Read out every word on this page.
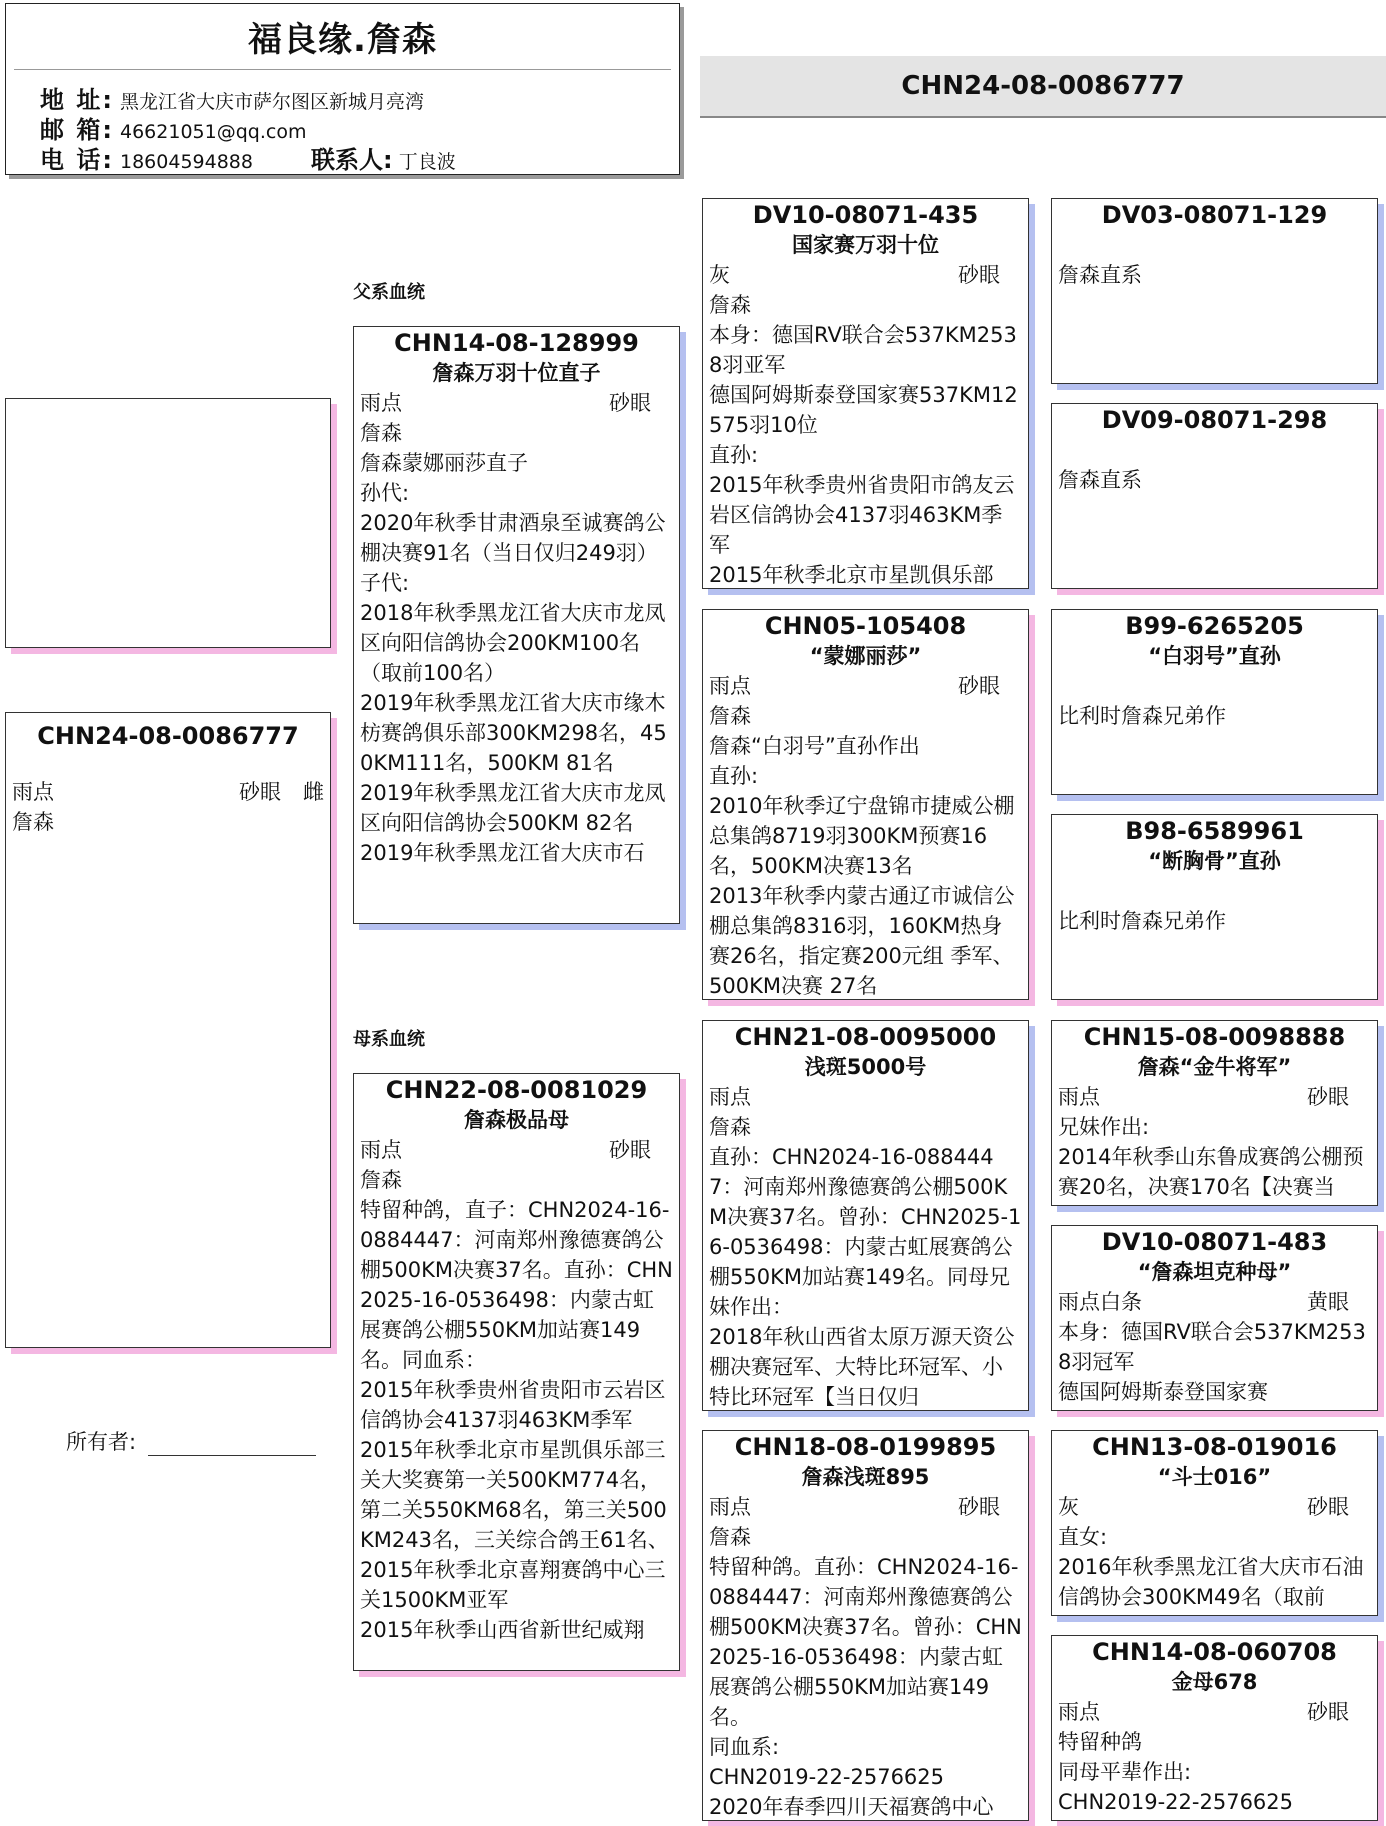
福良缘.詹森
地 址: 黑龙江省大庆市萨尔图区新城月亮湾
邮 箱: 46621051@qq.com
电 话: 18604594888 联系人: 丁良波
CHN24-08-0086777
CHN24-08-0086777
雨点	砂眼 雌
詹森
所有者:
父系血统
母系血统
CHN14-08-128999
詹森万羽十位直子
雨点	砂眼
詹森
詹森蒙娜丽莎直子
孙代:
2020年秋季甘肃酒泉至诚赛鸽公棚决赛91名（当日仅归249羽）
子代:
2018年秋季黑龙江省大庆市龙凤区向阳信鸽协会200KM100名（取前100名）
2019年秋季黑龙江省大庆市缘木枋赛鸽俱乐部300KM298名，450KM111名，500KM 81名
2019年秋季黑龙江省大庆市龙凤区向阳信鸽协会500KM 82名
2019年秋季黑龙江省大庆市石
CHN22-08-0081029
詹森极品母
雨点	砂眼
詹森
特留种鸽，直子：CHN2024-16-0884447：河南郑州豫德赛鸽公棚500KM决赛37名。直孙：CHN2025-16-0536498：内蒙古虹展赛鸽公棚550KM加站赛149名。同血系：
2015年秋季贵州省贵阳市云岩区信鸽协会4137羽463KM季军
2015年秋季北京市星凯俱乐部三关大奖赛第一关500KM774名，第二关550KM68名，第三关500KM243名，三关综合鸽王61名、
2015年秋季北京喜翔赛鸽中心三关1500KM亚军
2015年秋季山西省新世纪威翔
DV10-08071-435
国家赛万羽十位
灰	砂眼
詹森
本身：德国RV联合会537KM2538羽亚军
德国阿姆斯泰登国家赛537KM12575羽10位
直孙:
2015年秋季贵州省贵阳市鸽友云岩区信鸽协会4137羽463KM季军
2015年秋季北京市星凯俱乐部
CHN05-105408
“蒙娜丽莎”
雨点	砂眼
詹森
詹森“白羽号”直孙作出
直孙:
2010年秋季辽宁盘锦市捷威公棚总集鸽8719羽300KM预赛16名，500KM决赛13名
2013年秋季内蒙古通辽市诚信公棚总集鸽8316羽，160KM热身赛26名，指定赛200元组 季军、500KM决赛 27名
CHN21-08-0095000
浅斑5000号
雨点
詹森
直孙：CHN2024-16-0884447：河南郑州豫德赛鸽公棚500KM决赛37名。曾孙：CHN2025-16-0536498：内蒙古虹展赛鸽公棚550KM加站赛149名。同母兄妹作出：
2018年秋山西省太原万源天资公棚决赛冠军、大特比环冠军、小特比环冠军【当日仅归
CHN18-08-0199895
詹森浅斑895
雨点	砂眼
詹森
特留种鸽。直孙：CHN2024-16-0884447：河南郑州豫德赛鸽公棚500KM决赛37名。曾孙：CHN2025-16-0536498：内蒙古虹展赛鸽公棚550KM加站赛149名。
同血系:
CHN2019-22-2576625
2020年春季四川天福赛鸽中心
DV03-08071-129
詹森直系
DV09-08071-298
詹森直系
B99-6265205
“白羽号”直孙
比利时詹森兄弟作
B98-6589961
“断胸骨”直孙
比利时詹森兄弟作
CHN15-08-0098888
詹森“金牛将军”
雨点	砂眼
兄妹作出:
2014年秋季山东鲁成赛鸽公棚预赛20名，决赛170名【决赛当
DV10-08071-483
“詹森坦克种母”
雨点白条	黄眼
本身：德国RV联合会537KM2538羽冠军
德国阿姆斯泰登国家赛
CHN13-08-019016
“斗士016”
灰	砂眼
直女:
2016年秋季黑龙江省大庆市石油信鸽协会300KM49名（取前
CHN14-08-060708
金母678
雨点	砂眼
特留种鸽
同母平辈作出:
CHN2019-22-2576625
